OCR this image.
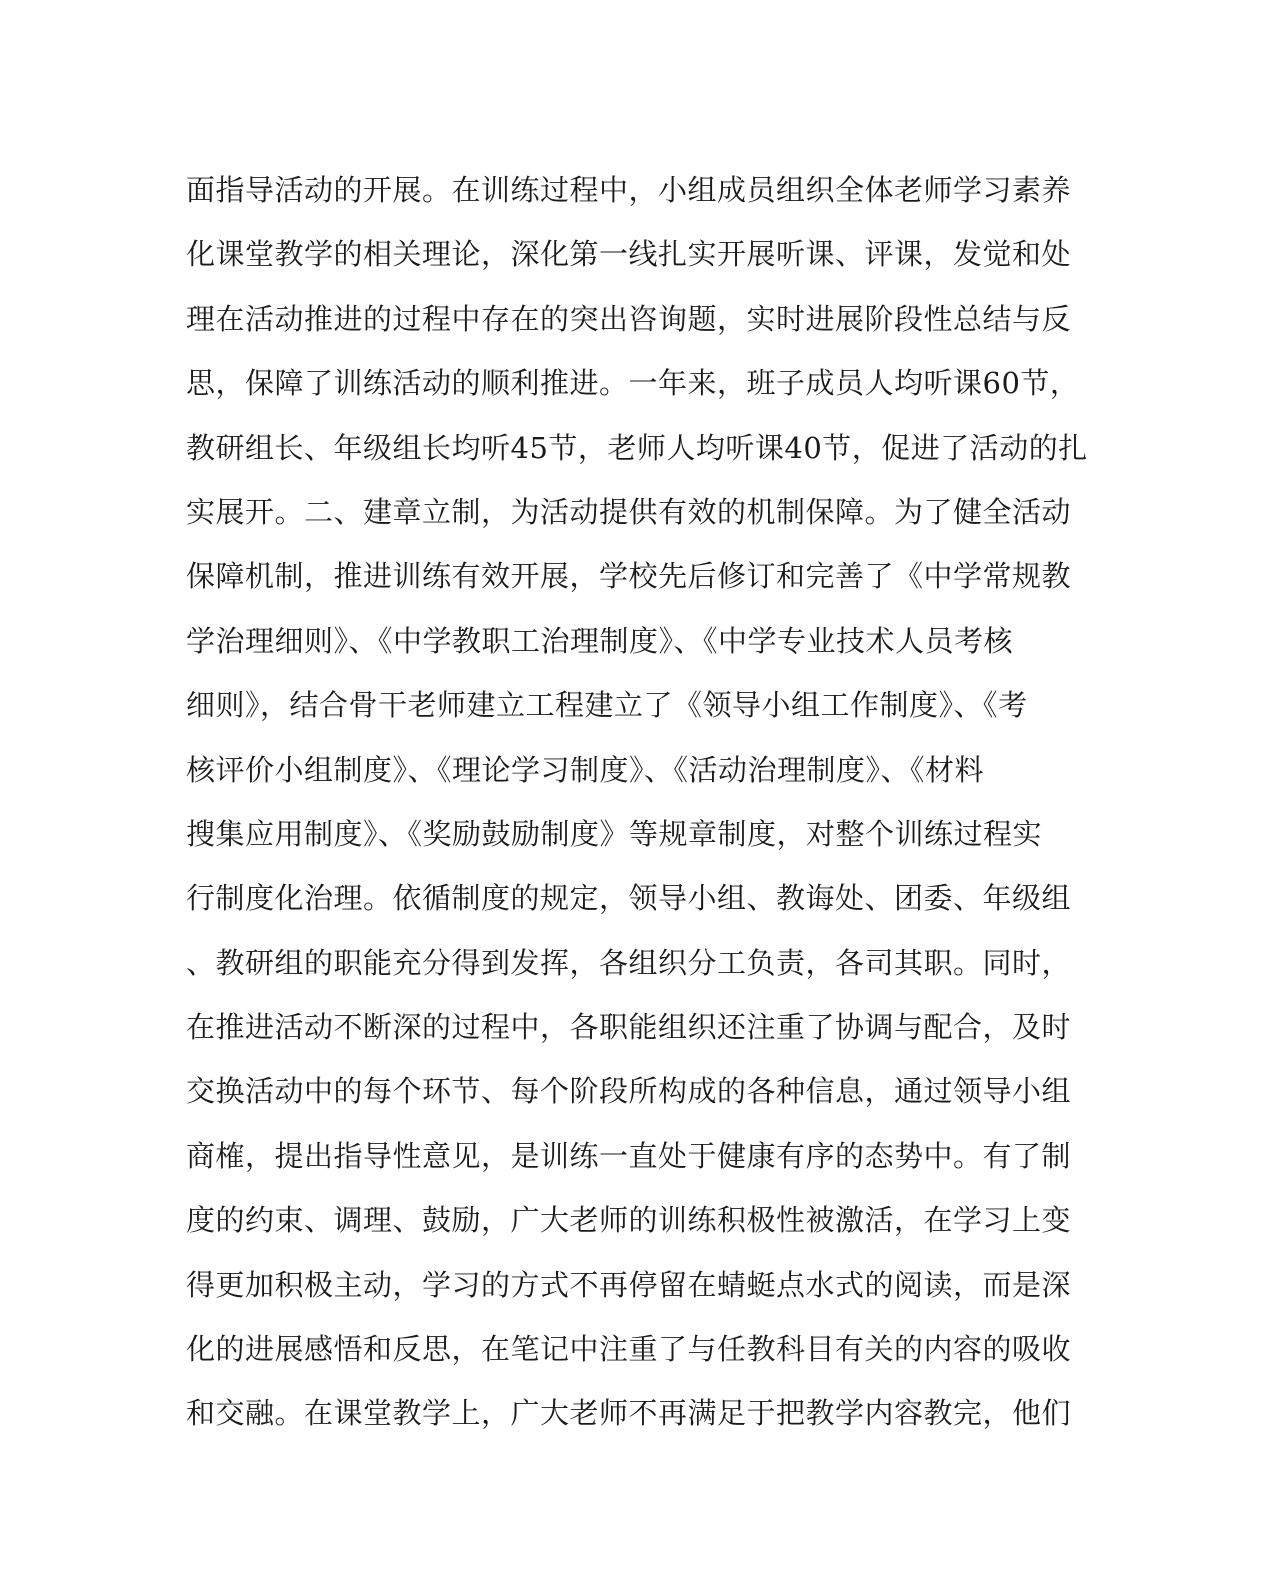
面指导活动的开展。在训练过程中，小组成员组织全体老师学习素养
化课堂教学的相关理论，深化第一线扎实开展听课、评课，发觉和处
理在活动推进的过程中存在的突出咨询题，实时进展阶段性总结与反
思，保障了训练活动的顺利推进。一年来，班子成员人均听课60节，
教研组长、年级组长均听45节，老师人均听课40节，促进了活动的扎
实展开。二、建章立制，为活动提供有效的机制保障。为了健全活动
保障机制，推进训练有效开展，学校先后修订和完善了《中学常规教
学治理细则》、《中学教职工治理制度》、《中学专业技术人员考核
细则》，结合骨干老师建立工程建立了《领导小组工作制度》、《考
核评价小组制度》、《理论学习制度》、《活动治理制度》、《材料
搜集应用制度》、《奖励鼓励制度》等规章制度，对整个训练过程实
行制度化治理。依循制度的规定，领导小组、教诲处、团委、年级组
、教研组的职能充分得到发挥，各组织分工负责，各司其职。同时，
在推进活动不断深的过程中，各职能组织还注重了协调与配合，及时
交换活动中的每个环节、每个阶段所构成的各种信息，通过领导小组
商榷，提出指导性意见，是训练一直处于健康有序的态势中。有了制
度的约束、调理、鼓励，广大老师的训练积极性被激活，在学习上变
得更加积极主动，学习的方式不再停留在蜻蜓点水式的阅读，而是深
化的进展感悟和反思，在笔记中注重了与任教科目有关的内容的吸收
和交融。在课堂教学上，广大老师不再满足于把教学内容教完，他们
